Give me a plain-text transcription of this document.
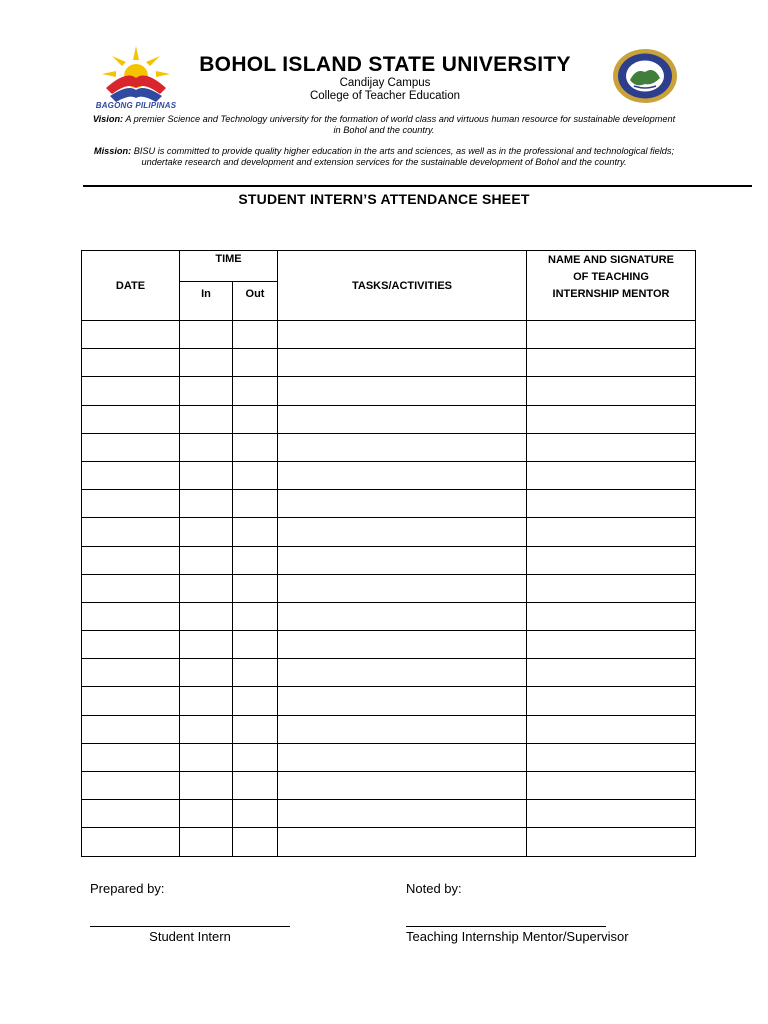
BAGONG PILIPINAS
BOHOL ISLAND STATE UNIVERSITY
Candijay Campus
College of Teacher Education
Vision: A premier Science and Technology university for the formation of world class and virtuous human resource for sustainable development in Bohol and the country.
Mission: BISU is committed to provide quality higher education in the arts and sciences, as well as in the professional and technological fields; undertake research and development and extension services for the sustainable development of Bohol and the country.
STUDENT INTERN’S ATTENDANCE SHEET
DATE	TIME		TASKS/ACTIVITIES	NAME AND SIGNATURE
OF TEACHING
INTERNSHIP MENTOR

	In	Out		

Prepared by:
Student Intern
Noted by:
Teaching Internship Mentor/Supervisor
